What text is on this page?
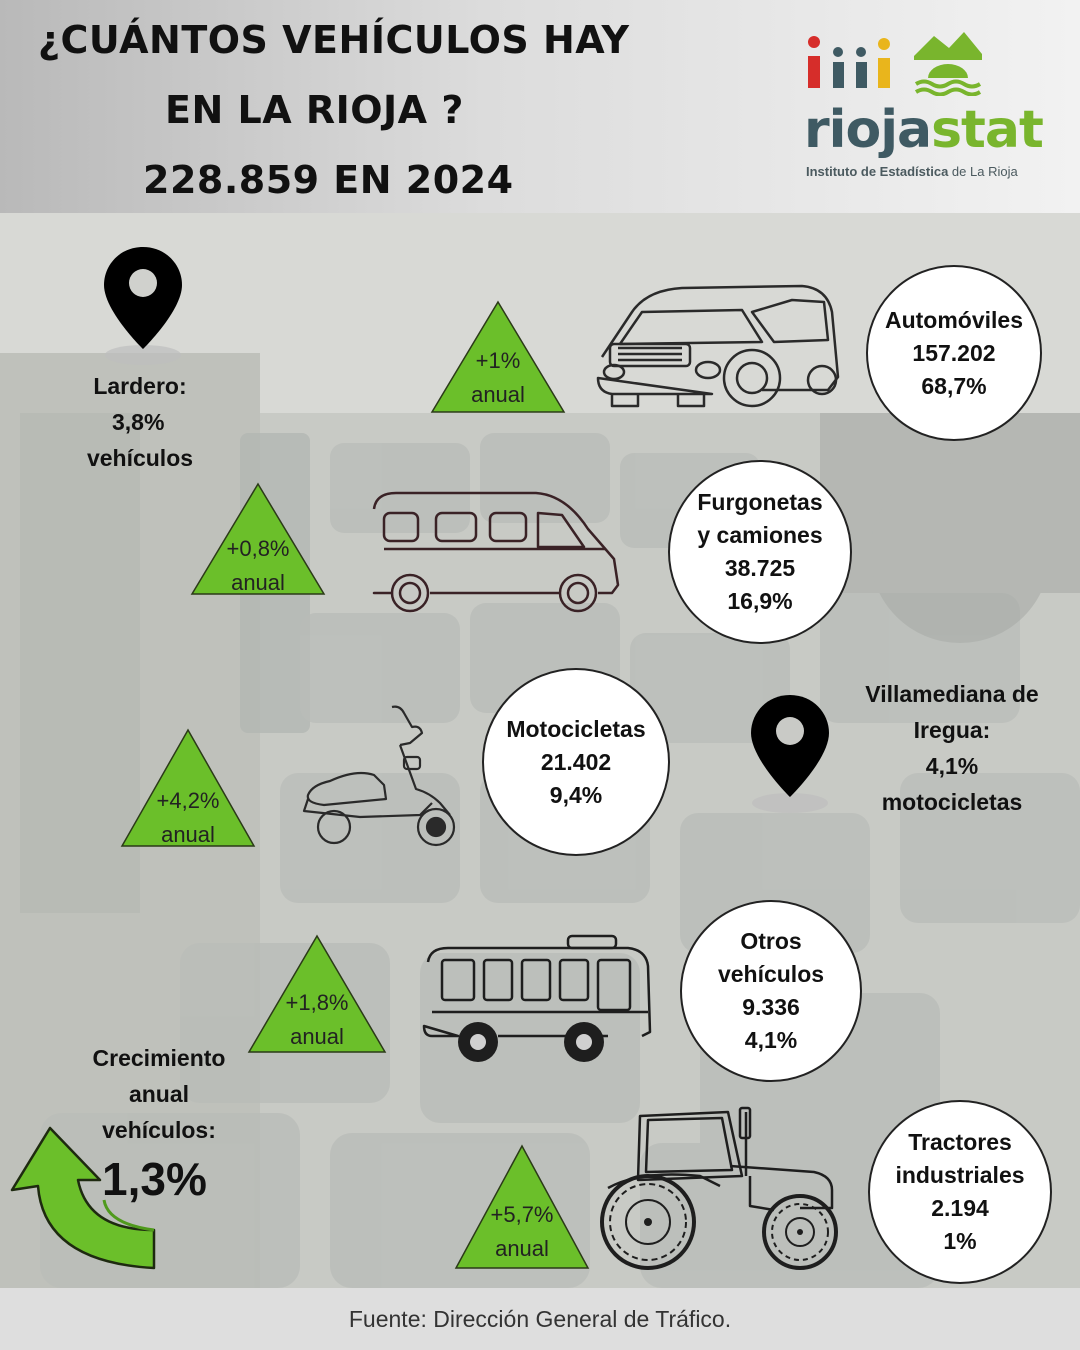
¿CUÁNTOS VEHÍCULOS HAY
EN LA RIOJA ?
228.859 EN 2024
riojastat
Instituto de Estadística de La Rioja
Lardero:
3,8%
vehículos
Villamediana de
Iregua:
4,1%
motocicletas
+1%
anual
+0,8%
anual
+4,2%
anual
+1,8%
anual
+5,7%
anual
Automóviles
157.202
68,7%
Furgonetas
y camiones
38.725
16,9%
Motocicletas
21.402
9,4%
Otros
vehículos
9.336
4,1%
Tractores
industriales
2.194
1%
Crecimiento
anual
vehículos:
1,3%
Fuente: Dirección General de Tráfico.
